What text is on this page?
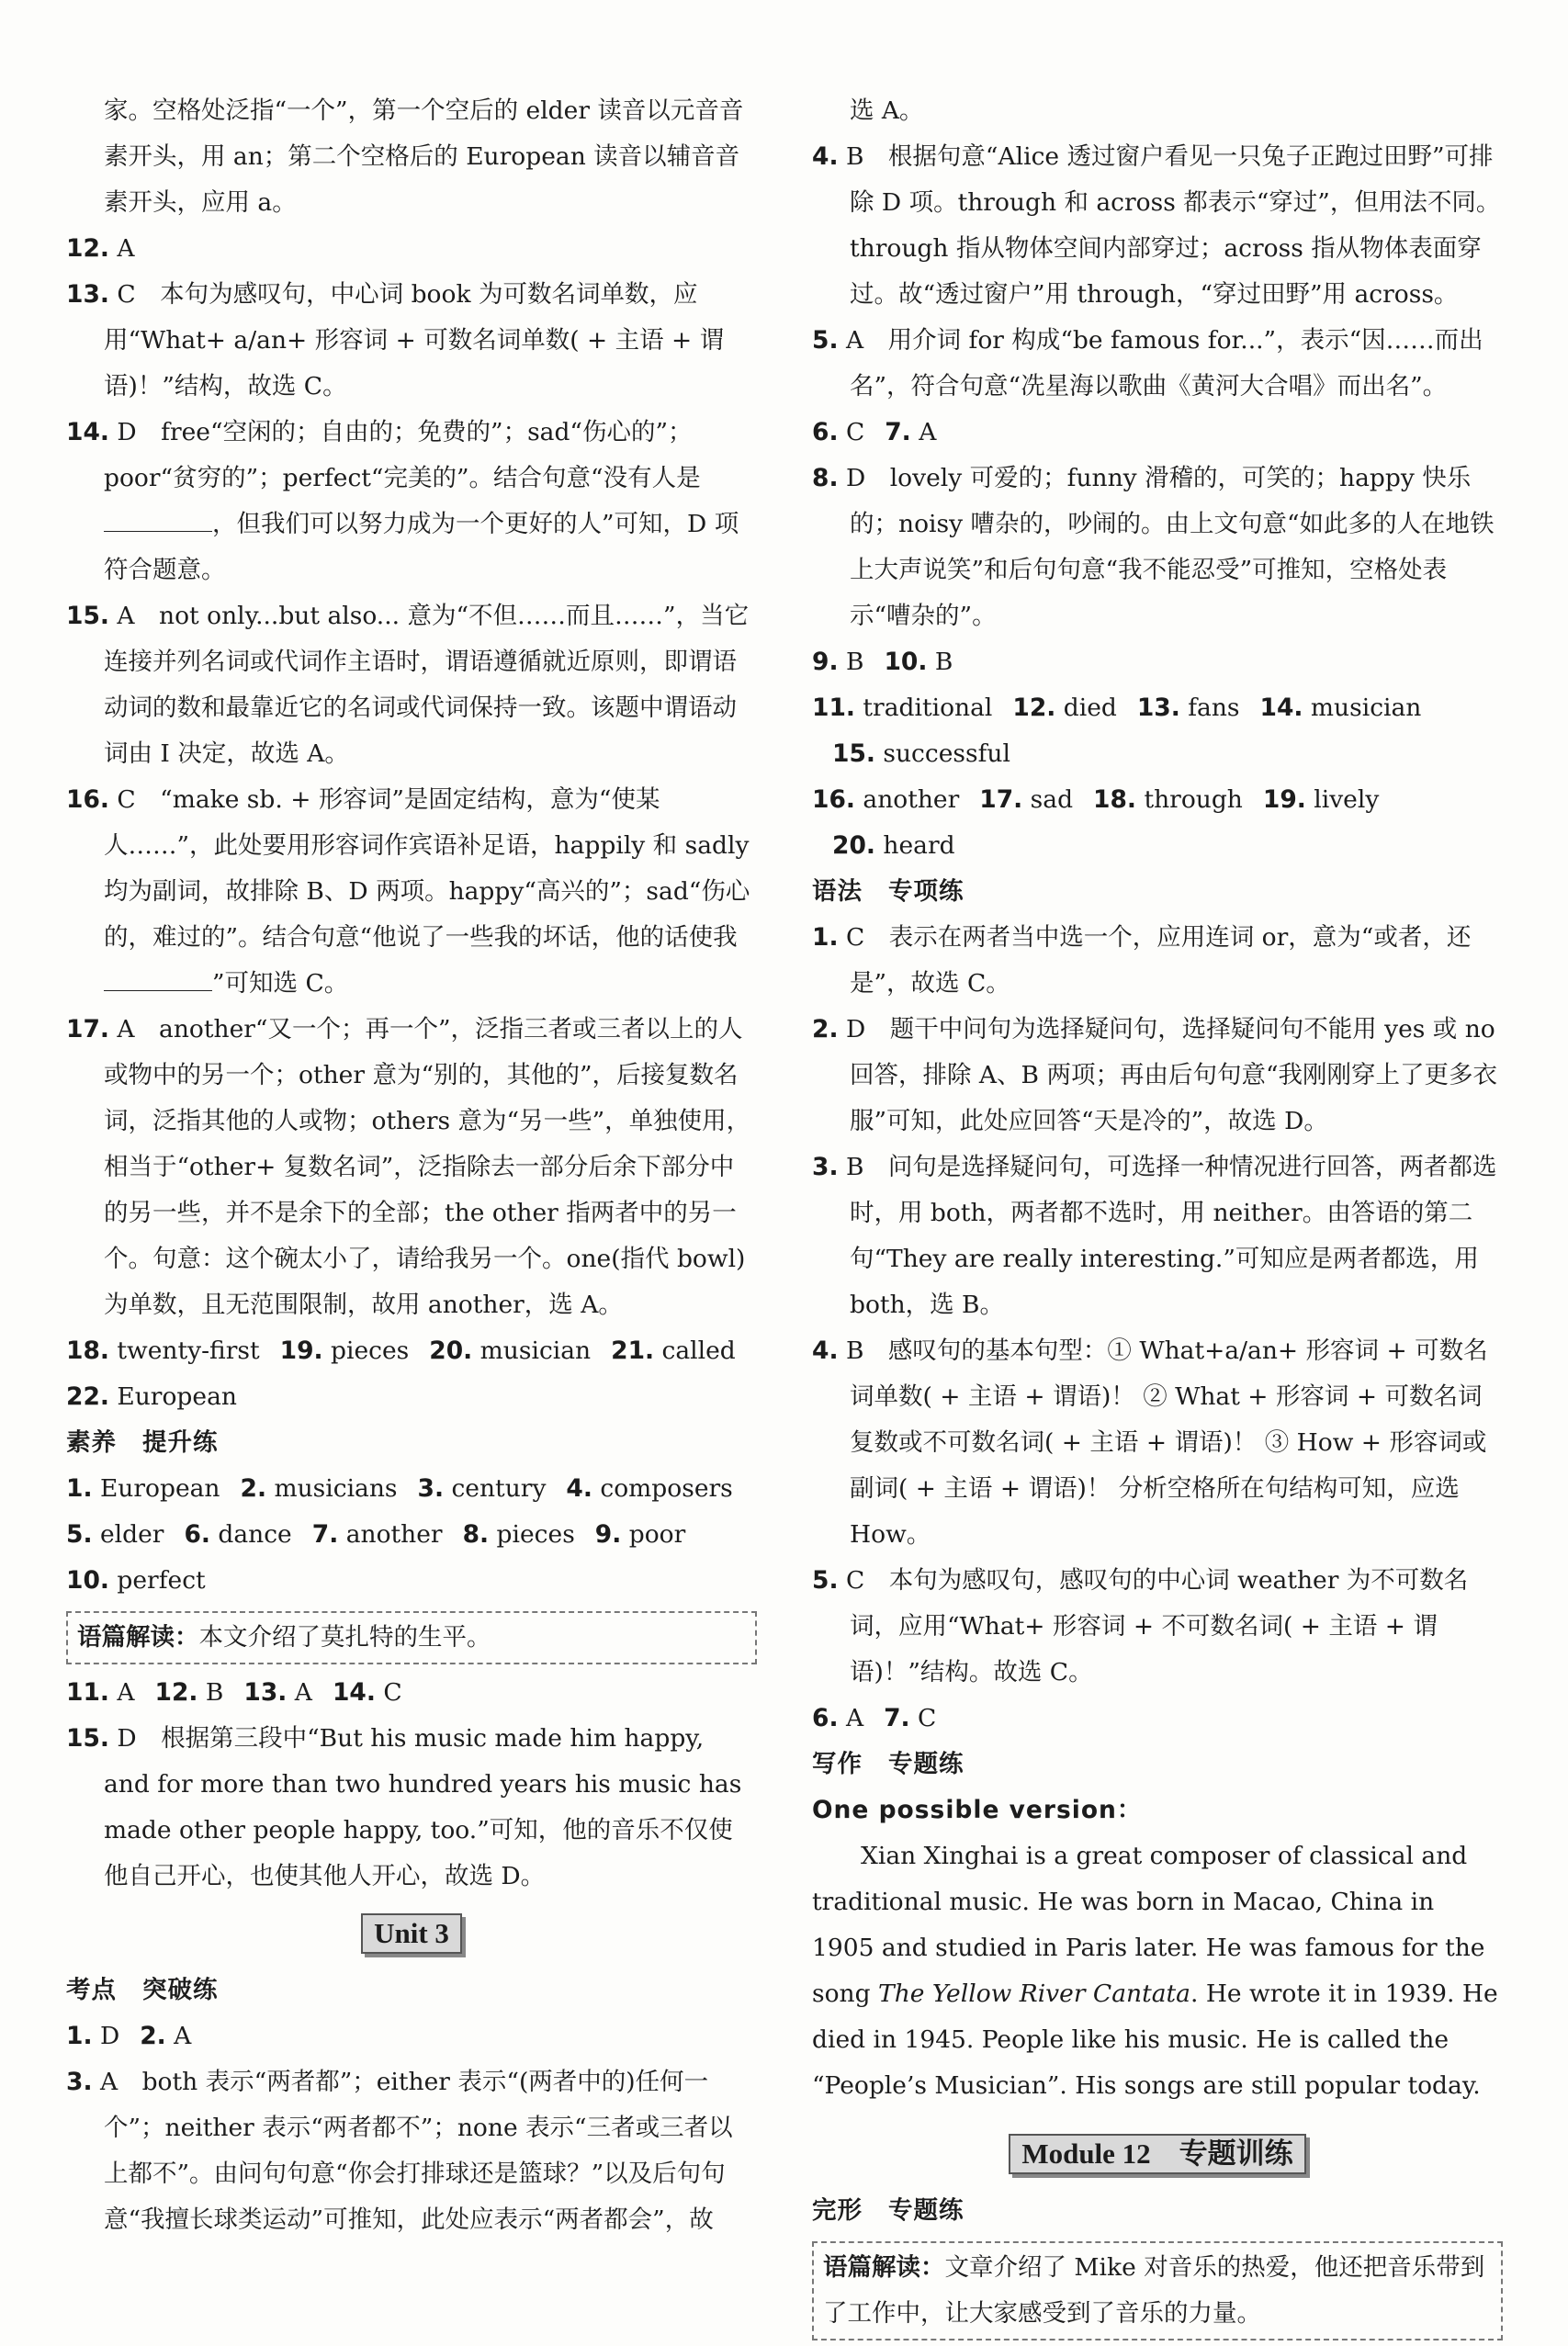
家。空格处泛指“一个”，第一个空后的 elder 读音以元音音素开头，用 an；第二个空格后的 European 读音以辅音音素开头，应用 a。

12. A

13. C　本句为感叹句，中心词 book 为可数名词单数，应用“What+ a/an+ 形容词 + 可数名词单数( + 主语 + 谓语)！”结构，故选 C。

14. D　free“空闲的；自由的；免费的”；sad“伤心的”；poor“贫穷的”；perfect“完美的”。结合句意“没有人是，但我们可以努力成为一个更好的人”可知，D 项符合题意。

15. A　not only...but also... 意为“不但……而且……”，当它连接并列名词或代词作主语时，谓语遵循就近原则，即谓语动词的数和最靠近它的名词或代词保持一致。该题中谓语动词由 I 决定，故选 A。

16. C　“make sb. + 形容词”是固定结构，意为“使某人……”，此处要用形容词作宾语补足语，happily 和 sadly 均为副词，故排除 B、D 两项。happy“高兴的”；sad“伤心的，难过的”。结合句意“他说了一些我的坏话，他的话使我”可知选 C。

17. A　another“又一个；再一个”，泛指三者或三者以上的人或物中的另一个；other 意为“别的，其他的”，后接复数名词，泛指其他的人或物；others 意为“另一些”，单独使用，相当于“other+ 复数名词”，泛指除去一部分后余下部分中的另一些，并不是余下的全部；the other 指两者中的另一个。句意：这个碗太小了，请给我另一个。one(指代 bowl)为单数，且无范围限制，故用 another，选 A。

18. twenty-first 19. pieces 20. musician 21. called

22. European

素养 提升练

1. European 2. musicians 3. century 4. composers

5. elder 6. dance 7. another 8. pieces 9. poor

10. perfect

语篇解读：本文介绍了莫扎特的生平。

11. A 12. B 13. A 14. C

15. D　根据第三段中“But his music made him happy, and for more than two hundred years his music has made other people happy, too.”可知，他的音乐不仅使他自己开心，也使其他人开心，故选 D。

Unit 3

考点 突破练

1. D 2. A

3. A　both 表示“两者都”；either 表示“(两者中的)任何一个”；neither 表示“两者都不”；none 表示“三者或三者以上都不”。由问句句意“你会打排球还是篮球？”以及后句句意“我擅长球类运动”可推知，此处应表示“两者都会”，故

选 A。

4. B　根据句意“Alice 透过窗户看见一只兔子正跑过田野”可排除 D 项。through 和 across 都表示“穿过”，但用法不同。through 指从物体空间内部穿过；across 指从物体表面穿过。故“透过窗户”用 through，“穿过田野”用 across。

5. A　用介词 for 构成“be famous for...”，表示“因……而出名”，符合句意“冼星海以歌曲《黄河大合唱》而出名”。

6. C 7. A

8. D　lovely 可爱的；funny 滑稽的，可笑的；happy 快乐的；noisy 嘈杂的，吵闹的。由上文句意“如此多的人在地铁上大声说笑”和后句句意“我不能忍受”可推知，空格处表示“嘈杂的”。

9. B 10. B

11. traditional 12. died 13. fans 14. musician15. successful

16. another 17. sad 18. through 19. lively20. heard

语法 专项练

1. C　表示在两者当中选一个，应用连词 or，意为“或者，还是”，故选 C。

2. D　题干中问句为选择疑问句，选择疑问句不能用 yes 或 no 回答，排除 A、B 两项；再由后句句意“我刚刚穿上了更多衣服”可知，此处应回答“天是冷的”，故选 D。

3. B　问句是选择疑问句，可选择一种情况进行回答，两者都选时，用 both，两者都不选时，用 neither。由答语的第二句“They are really interesting.”可知应是两者都选，用 both，选 B。

4. B　感叹句的基本句型：① What+a/an+ 形容词 + 可数名词单数( + 主语 + 谓语)！ ② What + 形容词 + 可数名词复数或不可数名词( + 主语 + 谓语)！ ③ How + 形容词或副词( + 主语 + 谓语)！ 分析空格所在句结构可知，应选 How。

5. C　本句为感叹句，感叹句的中心词 weather 为不可数名词，应用“What+ 形容词 + 不可数名词( + 主语 + 谓语)！”结构。故选 C。

6. A 7. C

写作 专题练

One possible version：

Xian Xinghai is a great composer of classical and traditional music. He was born in Macao, China in 1905 and studied in Paris later. He was famous for the song The Yellow River Cantata. He wrote it in 1939. He died in 1945. People like his music. He is called the “People’s Musician”. His songs are still popular today.

Module 12　专题训练

完形 专题练

语篇解读：文章介绍了 Mike 对音乐的热爱，他还把音乐带到了工作中，让大家感受到了音乐的力量。
